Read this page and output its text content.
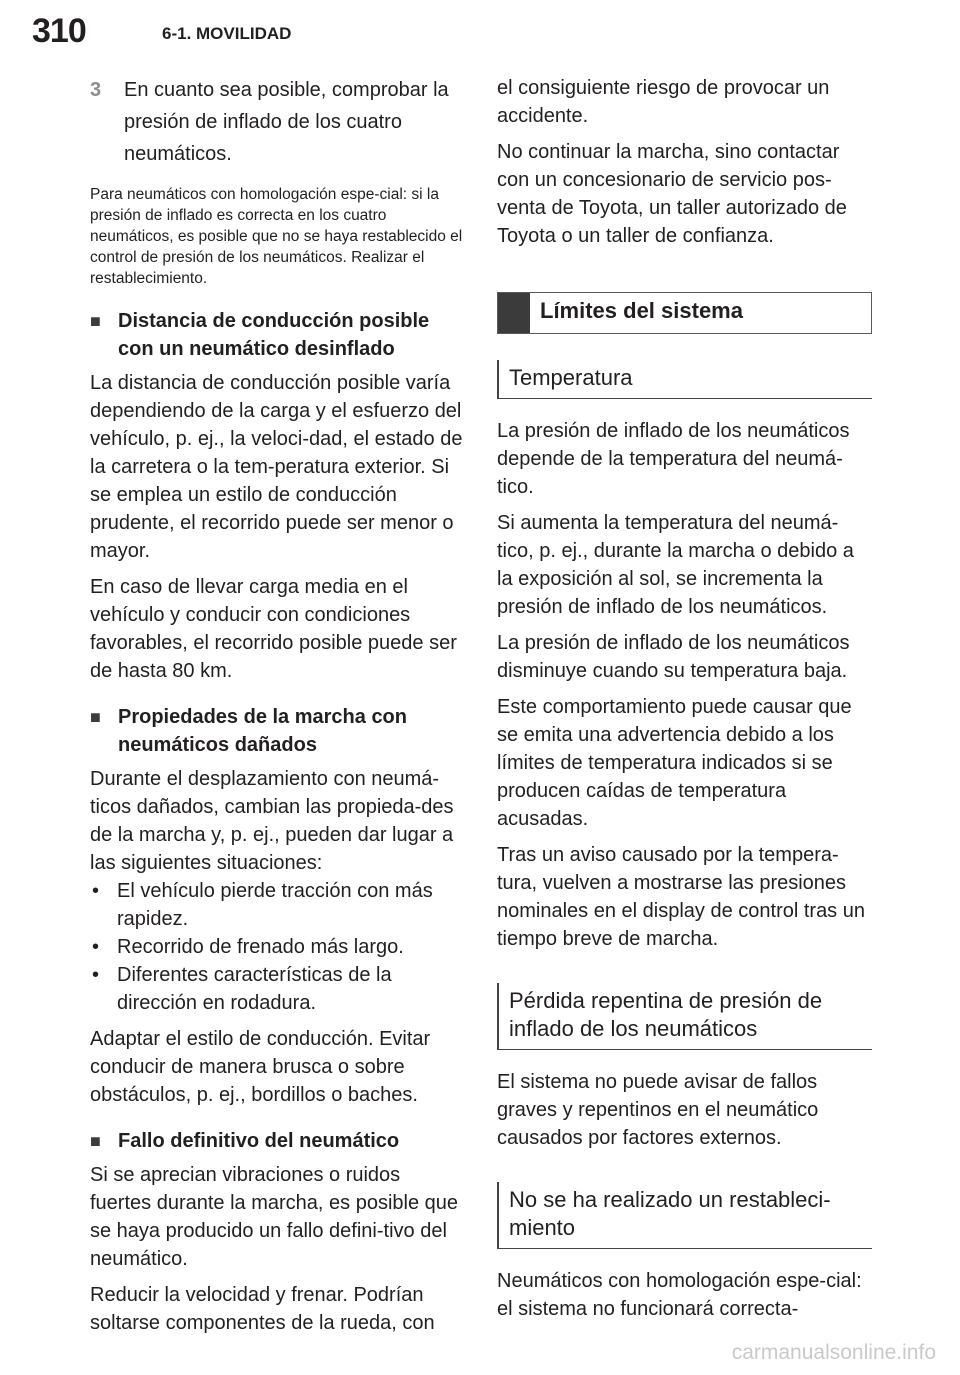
310	6-1. MOVILIDAD
3	En cuanto sea posible, comprobar la presión de inflado de los cuatro neumáticos.
Para neumáticos con homologación espe-cial: si la presión de inflado es correcta en los cuatro neumáticos, es posible que no se haya restablecido el control de presión de los neumáticos. Realizar el restablecimiento.
■ Distancia de conducción posible con un neumático desinflado

La distancia de conducción posible varía dependiendo de la carga y el esfuerzo del vehículo, p. ej., la veloci-dad, el estado de la carretera o la tem-peratura exterior. Si se emplea un estilo de conducción prudente, el recorrido puede ser menor o mayor.

En caso de llevar carga media en el vehículo y conducir con condiciones favorables, el recorrido posible puede ser de hasta 80 km.

■ Propiedades de la marcha con neumáticos dañados

Durante el desplazamiento con neumá-ticos dañados, cambian las propieda-des de la marcha y, p. ej., pueden dar lugar a las siguientes situaciones:

• El vehículo pierde tracción con más rapidez.
• Recorrido de frenado más largo.
• Diferentes características de la dirección en rodadura.

Adaptar el estilo de conducción. Evitar conducir de manera brusca o sobre obstáculos, p. ej., bordillos o baches.

■ Fallo definitivo del neumático

Si se aprecian vibraciones o ruidos fuertes durante la marcha, es posible que se haya producido un fallo defini-tivo del neumático.

Reducir la velocidad y frenar. Podrían soltarse componentes de la rueda, con

el consiguiente riesgo de provocar un accidente.

No continuar la marcha, sino contactar con un concesionario de servicio pos-venta de Toyota, un taller autorizado de Toyota o un taller de confianza.

Límites del sistema
Temperatura

La presión de inflado de los neumáticos depende de la temperatura del neumá-tico.

Si aumenta la temperatura del neumá-tico, p. ej., durante la marcha o debido a la exposición al sol, se incrementa la presión de inflado de los neumáticos.

La presión de inflado de los neumáticos disminuye cuando su temperatura baja.

Este comportamiento puede causar que se emita una advertencia debido a los límites de temperatura indicados si se producen caídas de temperatura acusadas.

Tras un aviso causado por la tempera-tura, vuelven a mostrarse las presiones nominales en el display de control tras un tiempo breve de marcha.

Pérdida repentina de presión de inflado de los neumáticos

El sistema no puede avisar de fallos graves y repentinos en el neumático causados por factores externos.

No se ha realizado un restableci-miento

Neumáticos con homologación espe-cial: el sistema no funcionará correcta-

carmanualsonline.info
